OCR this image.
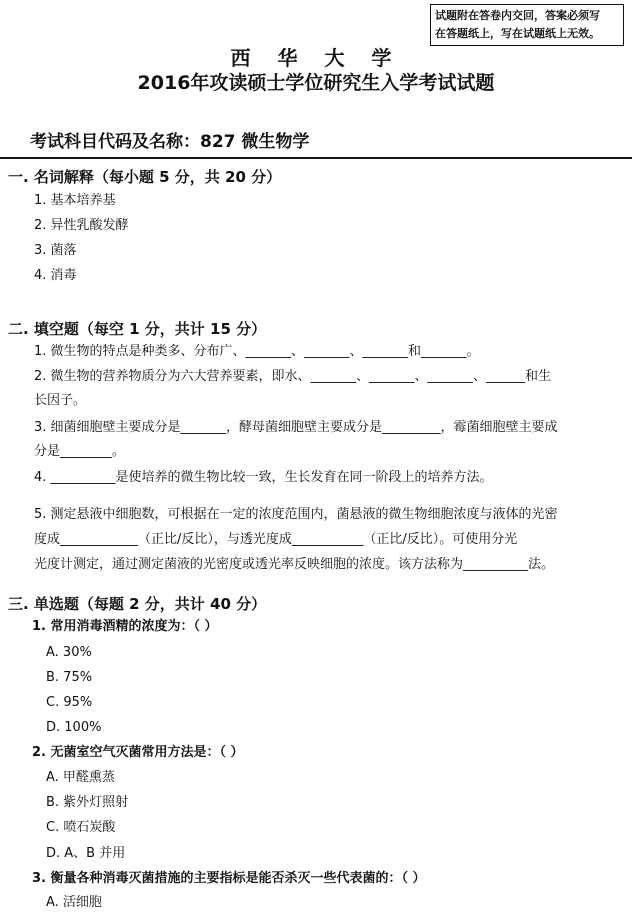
试题附在答卷内交回，答案必须写
在答题纸上，写在试题纸上无效。
西 华 大 学
2016年攻读硕士学位研究生入学考试试题
考试科目代码及名称：827 微生物学
一. 名词解释（每小题 5 分，共 20 分）
1. 基本培养基
2. 异性乳酸发酵
3. 菌落
4. 消毒
二. 填空题（每空 1 分，共计 15 分）
1. 微生物的特点是种类多、分布广、_______、_______、_______和_______。
2. 微生物的营养物质分为六大营养要素，即水、_______、_______、_______、______和生
长因子。
3. 细菌细胞壁主要成分是_______，酵母菌细胞壁主要成分是_________，霉菌细胞壁主要成
分是________。
4. __________是使培养的微生物比较一致，生长发育在同一阶段上的培养方法。
5. 测定悬液中细胞数，可根据在一定的浓度范围内，菌悬液的微生物细胞浓度与液体的光密
度成____________（正比/反比），与透光度成___________（正比/反比）。可使用分光
光度计测定，通过测定菌液的光密度或透光率反映细胞的浓度。该方法称为__________法。
三. 单选题（每题 2 分，共计 40 分）
1. 常用消毒酒精的浓度为：（ ）
A. 30%
B. 75%
C. 95%
D. 100%
2. 无菌室空气灭菌常用方法是：（ ）
A. 甲醛熏蒸
B. 紫外灯照射
C. 喷石炭酸
D. A、B 并用
3. 衡量各种消毒灭菌措施的主要指标是能否杀灭一些代表菌的：（ ）
A. 活细胞
